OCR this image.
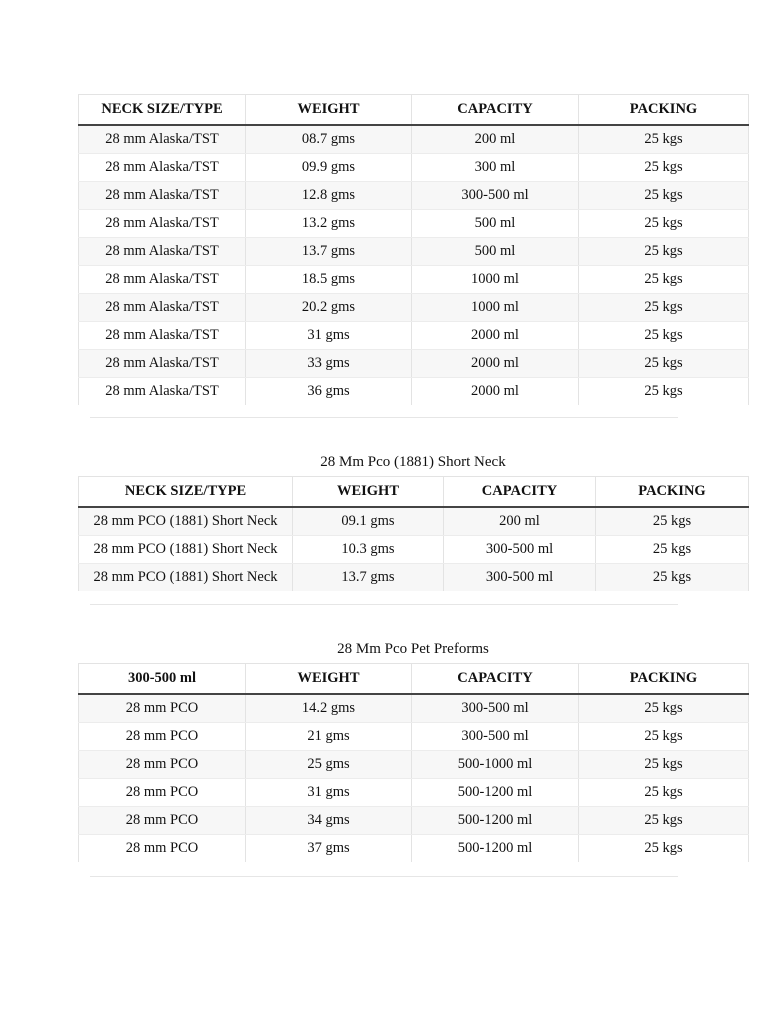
NECK SIZE/TYPE	WEIGHT	CAPACITY	PACKING
28 mm Alaska/TST	08.7 gms	200 ml	25 kgs
28 mm Alaska/TST	09.9 gms	300 ml	25 kgs
28 mm Alaska/TST	12.8 gms	300-500 ml	25 kgs
28 mm Alaska/TST	13.2 gms	500 ml	25 kgs
28 mm Alaska/TST	13.7 gms	500 ml	25 kgs
28 mm Alaska/TST	18.5 gms	1000 ml	25 kgs
28 mm Alaska/TST	20.2 gms	1000 ml	25 kgs
28 mm Alaska/TST	31 gms	2000 ml	25 kgs
28 mm Alaska/TST	33 gms	2000 ml	25 kgs
28 mm Alaska/TST	36 gms	2000 ml	25 kgs
28 Mm Pco (1881) Short Neck
NECK SIZE/TYPE	WEIGHT	CAPACITY	PACKING
28 mm PCO (1881) Short Neck	09.1 gms	200 ml	25 kgs
28 mm PCO (1881) Short Neck	10.3 gms	300-500 ml	25 kgs
28 mm PCO (1881) Short Neck	13.7 gms	300-500 ml	25 kgs
28 Mm Pco Pet Preforms
300-500 ml	WEIGHT	CAPACITY	PACKING
28 mm PCO	14.2 gms	300-500 ml	25 kgs
28 mm PCO	21 gms	300-500 ml	25 kgs
28 mm PCO	25 gms	500-1000 ml	25 kgs
28 mm PCO	31 gms	500-1200 ml	25 kgs
28 mm PCO	34 gms	500-1200 ml	25 kgs
28 mm PCO	37 gms	500-1200 ml	25 kgs
